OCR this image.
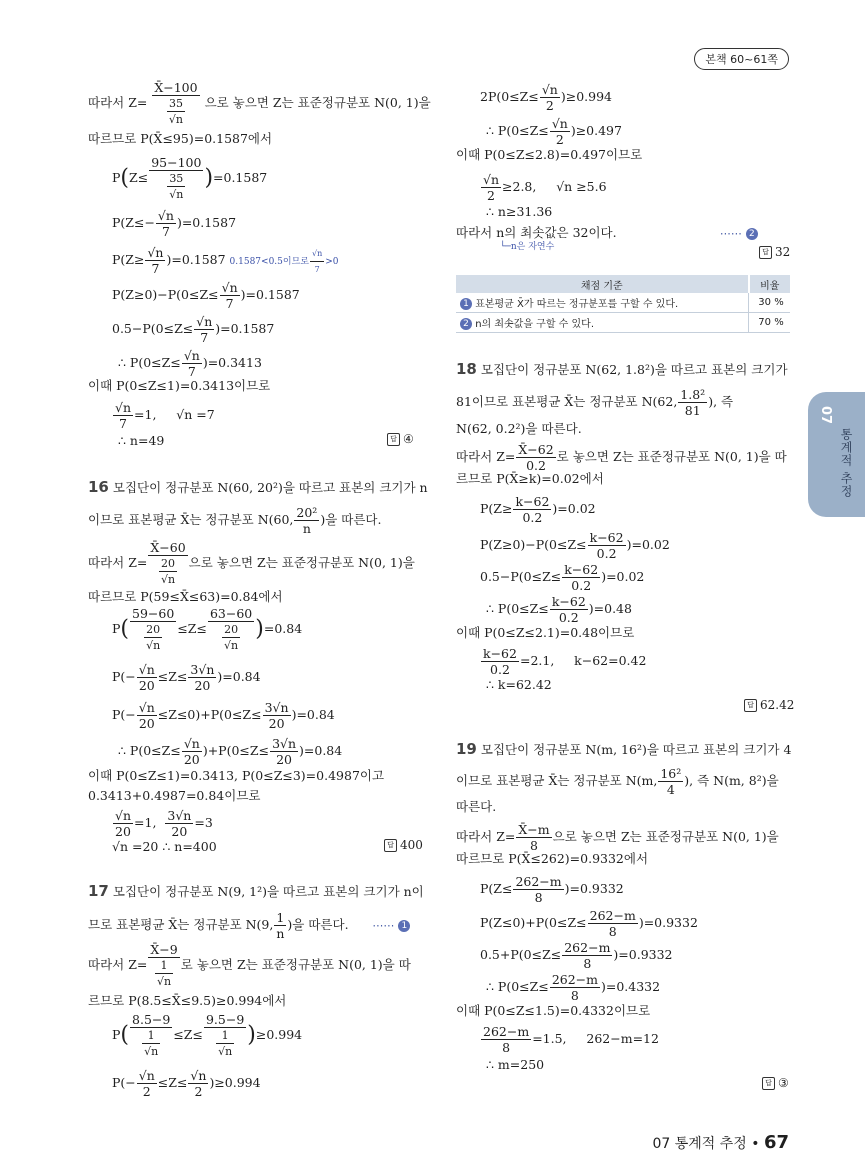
본책 60~61쪽
07
통계적 추정
따라서 $Z= \frac{X̄-100}{\frac{35}{√n}}$ 으로 놓으면 Z는 표준정규분포 N(0, 1)을
따르므로 P(X̄≤95)=0.1587에서
$P(Z\le \frac{95-100}{\frac{35}{√n}} )=0.1587$
$P(Z\le- \frac{√n}{7} )=0.1587$
$P(Z\ge \frac{√n}{7} )=0.1587$ 0.1587<0.5이므로 $\frac{√n}{7} >0$
$P(Z\ge 0)-P(0\le Z\le \frac{√n}{7} )=0.1587$
$0.5-P(0\le Z\le \frac{√n}{7} )=0.1587$
∴ $P(0\le Z\le \frac{√n}{7} )=0.3413$
이때 P(0≤Z≤1)=0.3413이므로
$\frac{√n}{7} =1$, √n =7
∴ n=49	답 ④
16 모집단이 정규분포 N(60, 20²)을 따르고 표본의 크기가 n
이므로 표본평균 X̄는 정규분포 N(60, $\frac{\text{20²}}{n}$ )을 따른다.
따라서 $Z= \frac{X̄-60}{\frac{20}{√n}}$ 으로 놓으면 Z는 표준정규분포 N(0, 1)을
따르므로 P(59≤X̄≤63)=0.84에서
$P( \frac{59-60}{\frac{20}{√n}} \le Z\le \frac{63-60}{\frac{20}{√n}} )=0.84$
$P(- \frac{√n}{20} \le Z\le \frac{3√n}{20} )=0.84$
$P(- \frac{√n}{20} \le Z\le 0)+P(0\le Z\le \frac{3√n}{20} )=0.84$
∴ $P(0\le Z\le \frac{√n}{20} )+P(0\le Z\le \frac{3√n}{20} )=0.84$
이때 P(0≤Z≤1)=0.3413, P(0≤Z≤3)=0.4987이고
0.3413+0.4987=0.84이므로
$\frac{√n}{20} =1$, $\frac{3√n}{20} =3$
√n =20 ∴ n=400	답 400
17 모집단이 정규분포 N(9, 1²)을 따르고 표본의 크기가 n이
므로 표본평균 X̄는 정규분포 N(9, $\frac{1}{n}$ )을 따른다. ⋯⋯ 1
따라서 $Z= \frac{X̄-9}{\frac{1}{√n}}$ 로 놓으면 Z는 표준정규분포 N(0, 1)을 따
르므로 P(8.5≤X̄≤9.5)≥0.994에서
$P( \frac{8.5-9}{\frac{1}{√n}} \le Z\le \frac{9.5-9}{\frac{1}{√n}} )\ge 0.994$
$P(- \frac{√n}{2} \le Z\le \frac{√n}{2} )\ge 0.994$
$2P(0\le Z\le \frac{√n}{2} )\ge 0.994$
∴ $P(0\le Z\le \frac{√n}{2} )\ge 0.497$
이때 P(0≤Z≤2.8)=0.497이므로
$\frac{√n}{2} \ge 2.8$, √n ≥5.6
∴ n≥31.36
따라서 n의 최솟값은 32이다.	⋯⋯ 2
└─n은 자연수	답 32
채점 기준	비율
1 표본평균 X̄가 따르는 정규분포를 구할 수 있다.	30 %
2 n의 최솟값을 구할 수 있다.	70 %
18 모집단이 정규분포 N(62, 1.8²)을 따르고 표본의 크기가
81이므로 표본평균 X̄는 정규분포 N(62, $\frac{\text{1.8²}}{81}$ ), 즉
N(62, 0.2²)을 따른다.
따라서 $Z= \frac{X̄-62}{0.2}$ 로 놓으면 Z는 표준정규분포 N(0, 1)을 따
르므로 P(X̄≥k)=0.02에서
$P(Z\ge \frac{k-62}{0.2} )=0.02$
$P(Z\ge 0)-P(0\le Z\le \frac{k-62}{0.2} )=0.02$
$0.5-P(0\le Z\le \frac{k-62}{0.2} )=0.02$
∴ $P(0\le Z\le \frac{k-62}{0.2} )=0.48$
이때 P(0≤Z≤2.1)=0.48이므로
$\frac{k-62}{0.2} =2.1$, k−62=0.42
∴ k=62.42
답 62.42
19 모집단이 정규분포 N(m, 16²)을 따르고 표본의 크기가 4
이므로 표본평균 X̄는 정규분포 N(m, $\frac{\text{16²}}{4}$ ), 즉 N(m, 8²)을
따른다.
따라서 $Z= \frac{X̄-m}{8}$ 으로 놓으면 Z는 표준정규분포 N(0, 1)을
따르므로 P(X̄≤262)=0.9332에서
$P(Z\le \frac{262-m}{8} )=0.9332$
$P(Z\le 0)+P(0\le Z\le \frac{262-m}{8} )=0.9332$
$0.5+P(0\le Z\le \frac{262-m}{8} )=0.9332$
∴ $P(0\le Z\le \frac{262-m}{8} )=0.4332$
이때 P(0≤Z≤1.5)=0.4332이므로
$\frac{262-m}{8} =1.5$, 262−m=12
∴ m=250
답 ③
07 통계적 추정 • 67
